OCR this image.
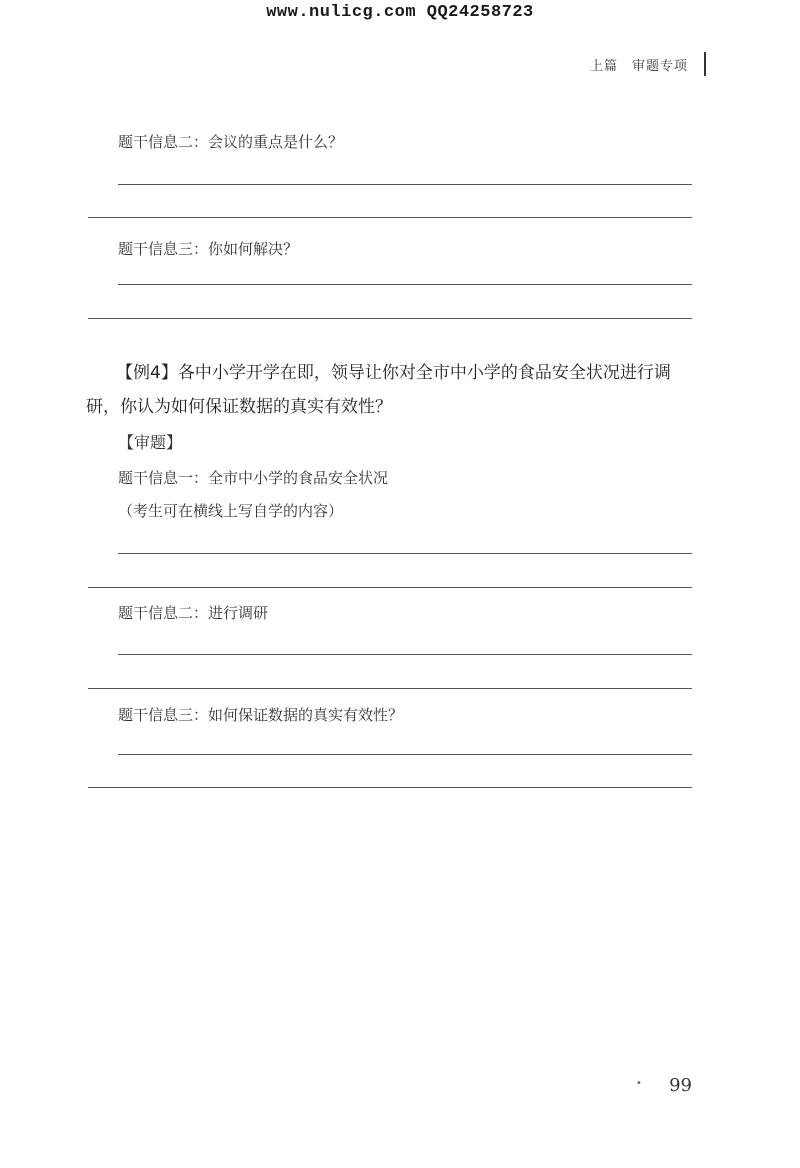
www.nulicg.com QQ24258723
上篇 审题专项
题干信息二：会议的重点是什么？
题干信息三：你如何解决？

【例4】各中小学开学在即，领导让你对全市中小学的食品安全状况进行调

研，你认为如何保证数据的真实有效性？

【审题】
题干信息一：全市中小学的食品安全状况
（考生可在横线上写自学的内容）
题干信息二：进行调研
题干信息三：如何保证数据的真实有效性？
• 99
